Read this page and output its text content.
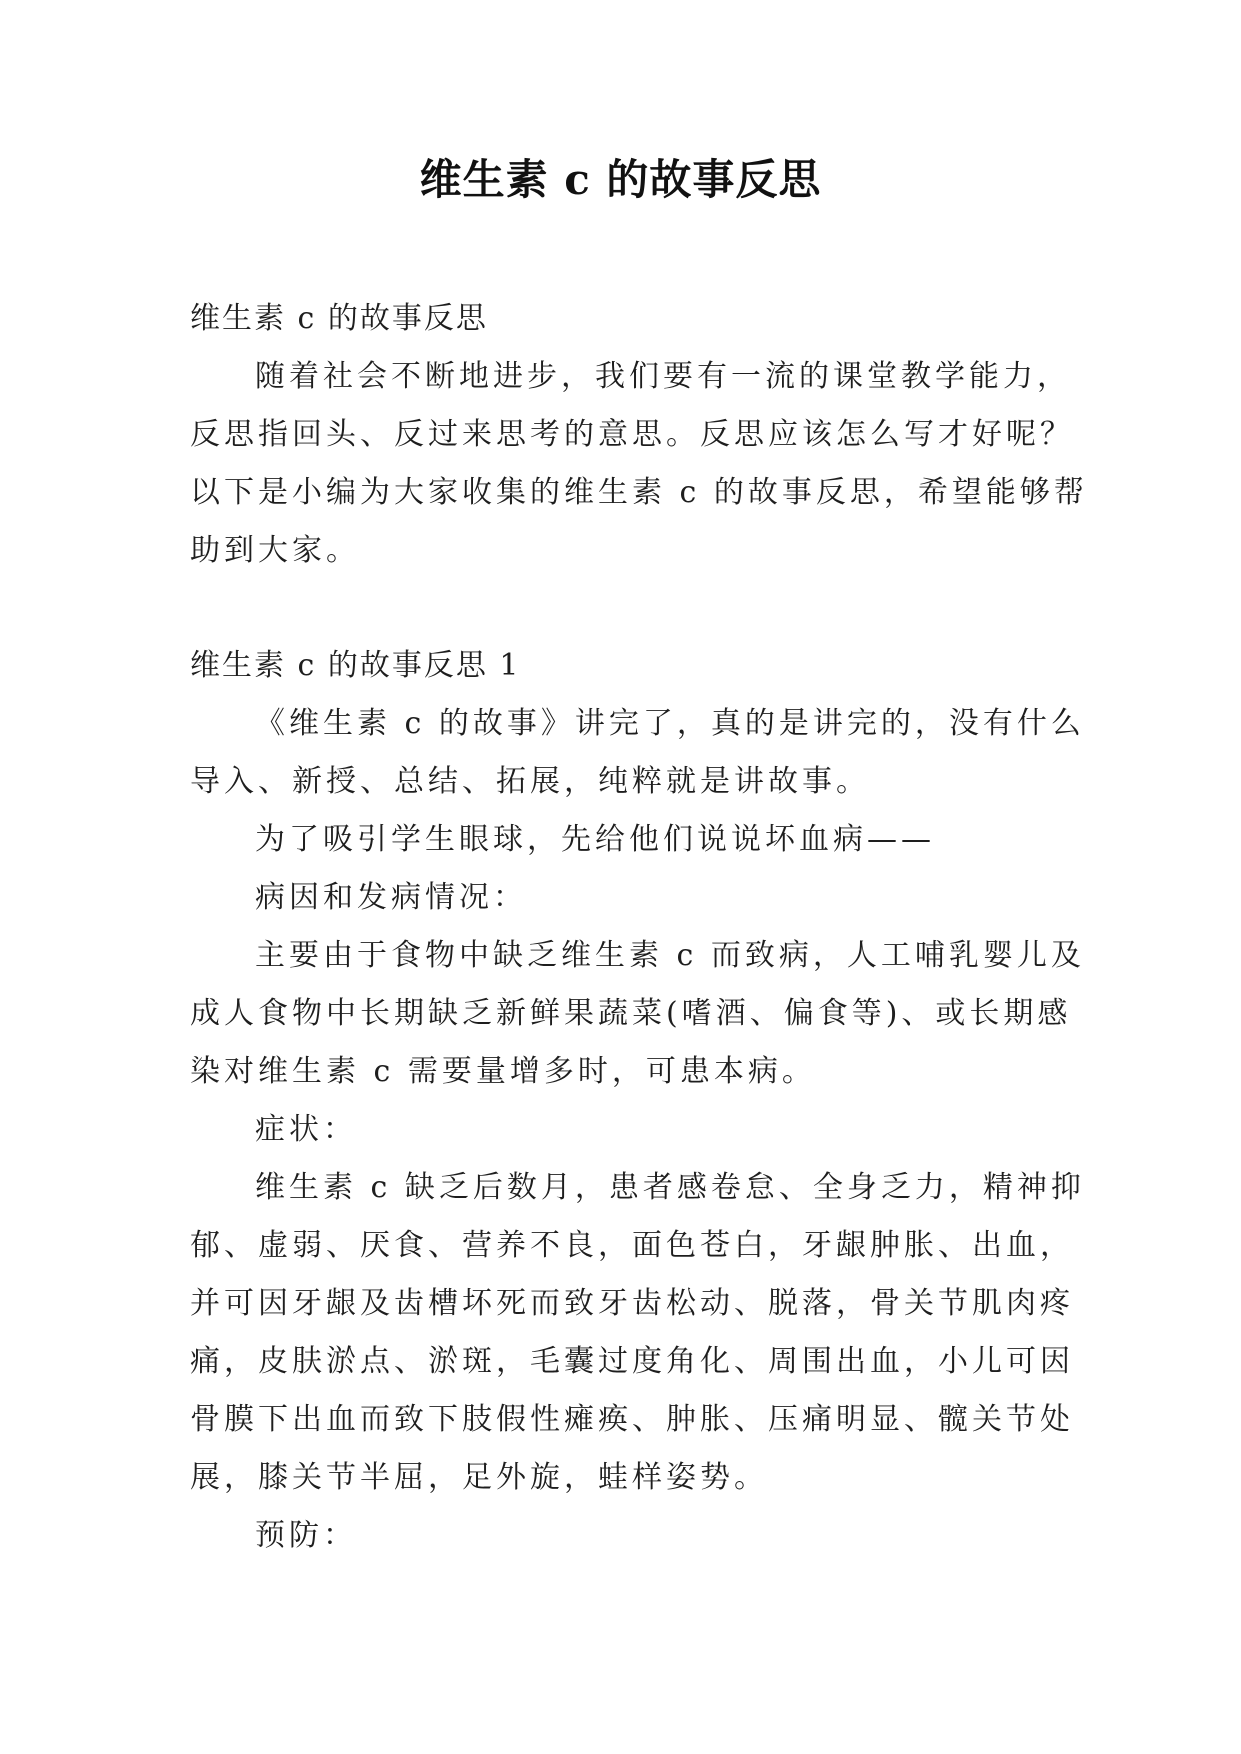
维生素 c 的故事反思
维生素 c 的故事反思
随着社会不断地进步，我们要有一流的课堂教学能力，
反思指回头、反过来思考的意思。反思应该怎么写才好呢？
以下是小编为大家收集的维生素 c 的故事反思，希望能够帮
助到大家。
维生素 c 的故事反思 1
《维生素 c 的故事》讲完了，真的是讲完的，没有什么
导入、新授、总结、拓展，纯粹就是讲故事。
为了吸引学生眼球，先给他们说说坏血病——
病因和发病情况：
主要由于食物中缺乏维生素 c 而致病，人工哺乳婴儿及
成人食物中长期缺乏新鲜果蔬菜(嗜酒、偏食等)、或长期感
染对维生素 c 需要量增多时，可患本病。
症状：
维生素 c 缺乏后数月，患者感卷怠、全身乏力，精神抑
郁、虚弱、厌食、营养不良，面色苍白，牙龈肿胀、出血，
并可因牙龈及齿槽坏死而致牙齿松动、脱落，骨关节肌肉疼
痛，皮肤淤点、淤斑，毛囊过度角化、周围出血，小儿可因
骨膜下出血而致下肢假性瘫痪、肿胀、压痛明显、髋关节处
展，膝关节半屈，足外旋，蛙样姿势。
预防：
